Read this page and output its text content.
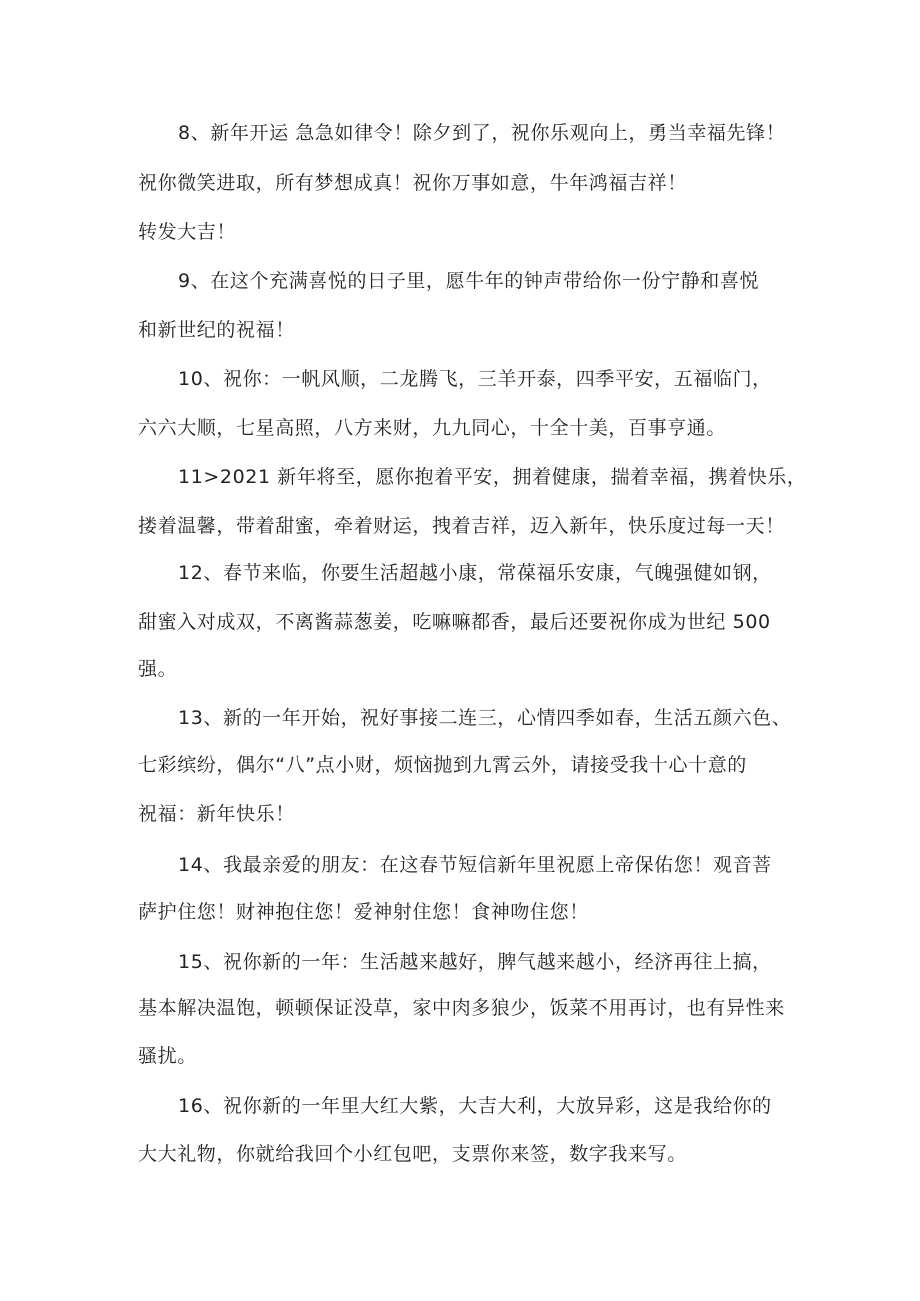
8、新年开运 急急如律令！除夕到了，祝你乐观向上，勇当幸福先锋！
祝你微笑进取，所有梦想成真！祝你万事如意，牛年鸿福吉祥！
转发大吉！
9、在这个充满喜悦的日子里，愿牛年的钟声带给你一份宁静和喜悦
和新世纪的祝福！
10、祝你：一帆风顺，二龙腾飞，三羊开泰，四季平安，五福临门，
六六大顺，七星高照，八方来财，九九同心，十全十美，百事亨通。
11>2021 新年将至，愿你抱着平安，拥着健康，揣着幸福，携着快乐，
搂着温馨，带着甜蜜，牵着财运，拽着吉祥，迈入新年，快乐度过每一天！
12、春节来临，你要生活超越小康，常葆福乐安康，气魄强健如钢，
甜蜜入对成双，不离酱蒜葱姜，吃嘛嘛都香，最后还要祝你成为世纪 500
强。
13、新的一年开始，祝好事接二连三，心情四季如春，生活五颜六色、
七彩缤纷，偶尔“八”点小财，烦恼抛到九霄云外，请接受我十心十意的
祝福：新年快乐！
14、我最亲爱的朋友：在这春节短信新年里祝愿上帝保佑您！观音菩
萨护住您！财神抱住您！爱神射住您！食神吻住您！
15、祝你新的一年：生活越来越好，脾气越来越小，经济再往上搞，
基本解决温饱，顿顿保证没草，家中肉多狼少，饭菜不用再讨，也有异性来
骚扰。
16、祝你新的一年里大红大紫，大吉大利，大放异彩，这是我给你的
大大礼物，你就给我回个小红包吧，支票你来签，数字我来写。
